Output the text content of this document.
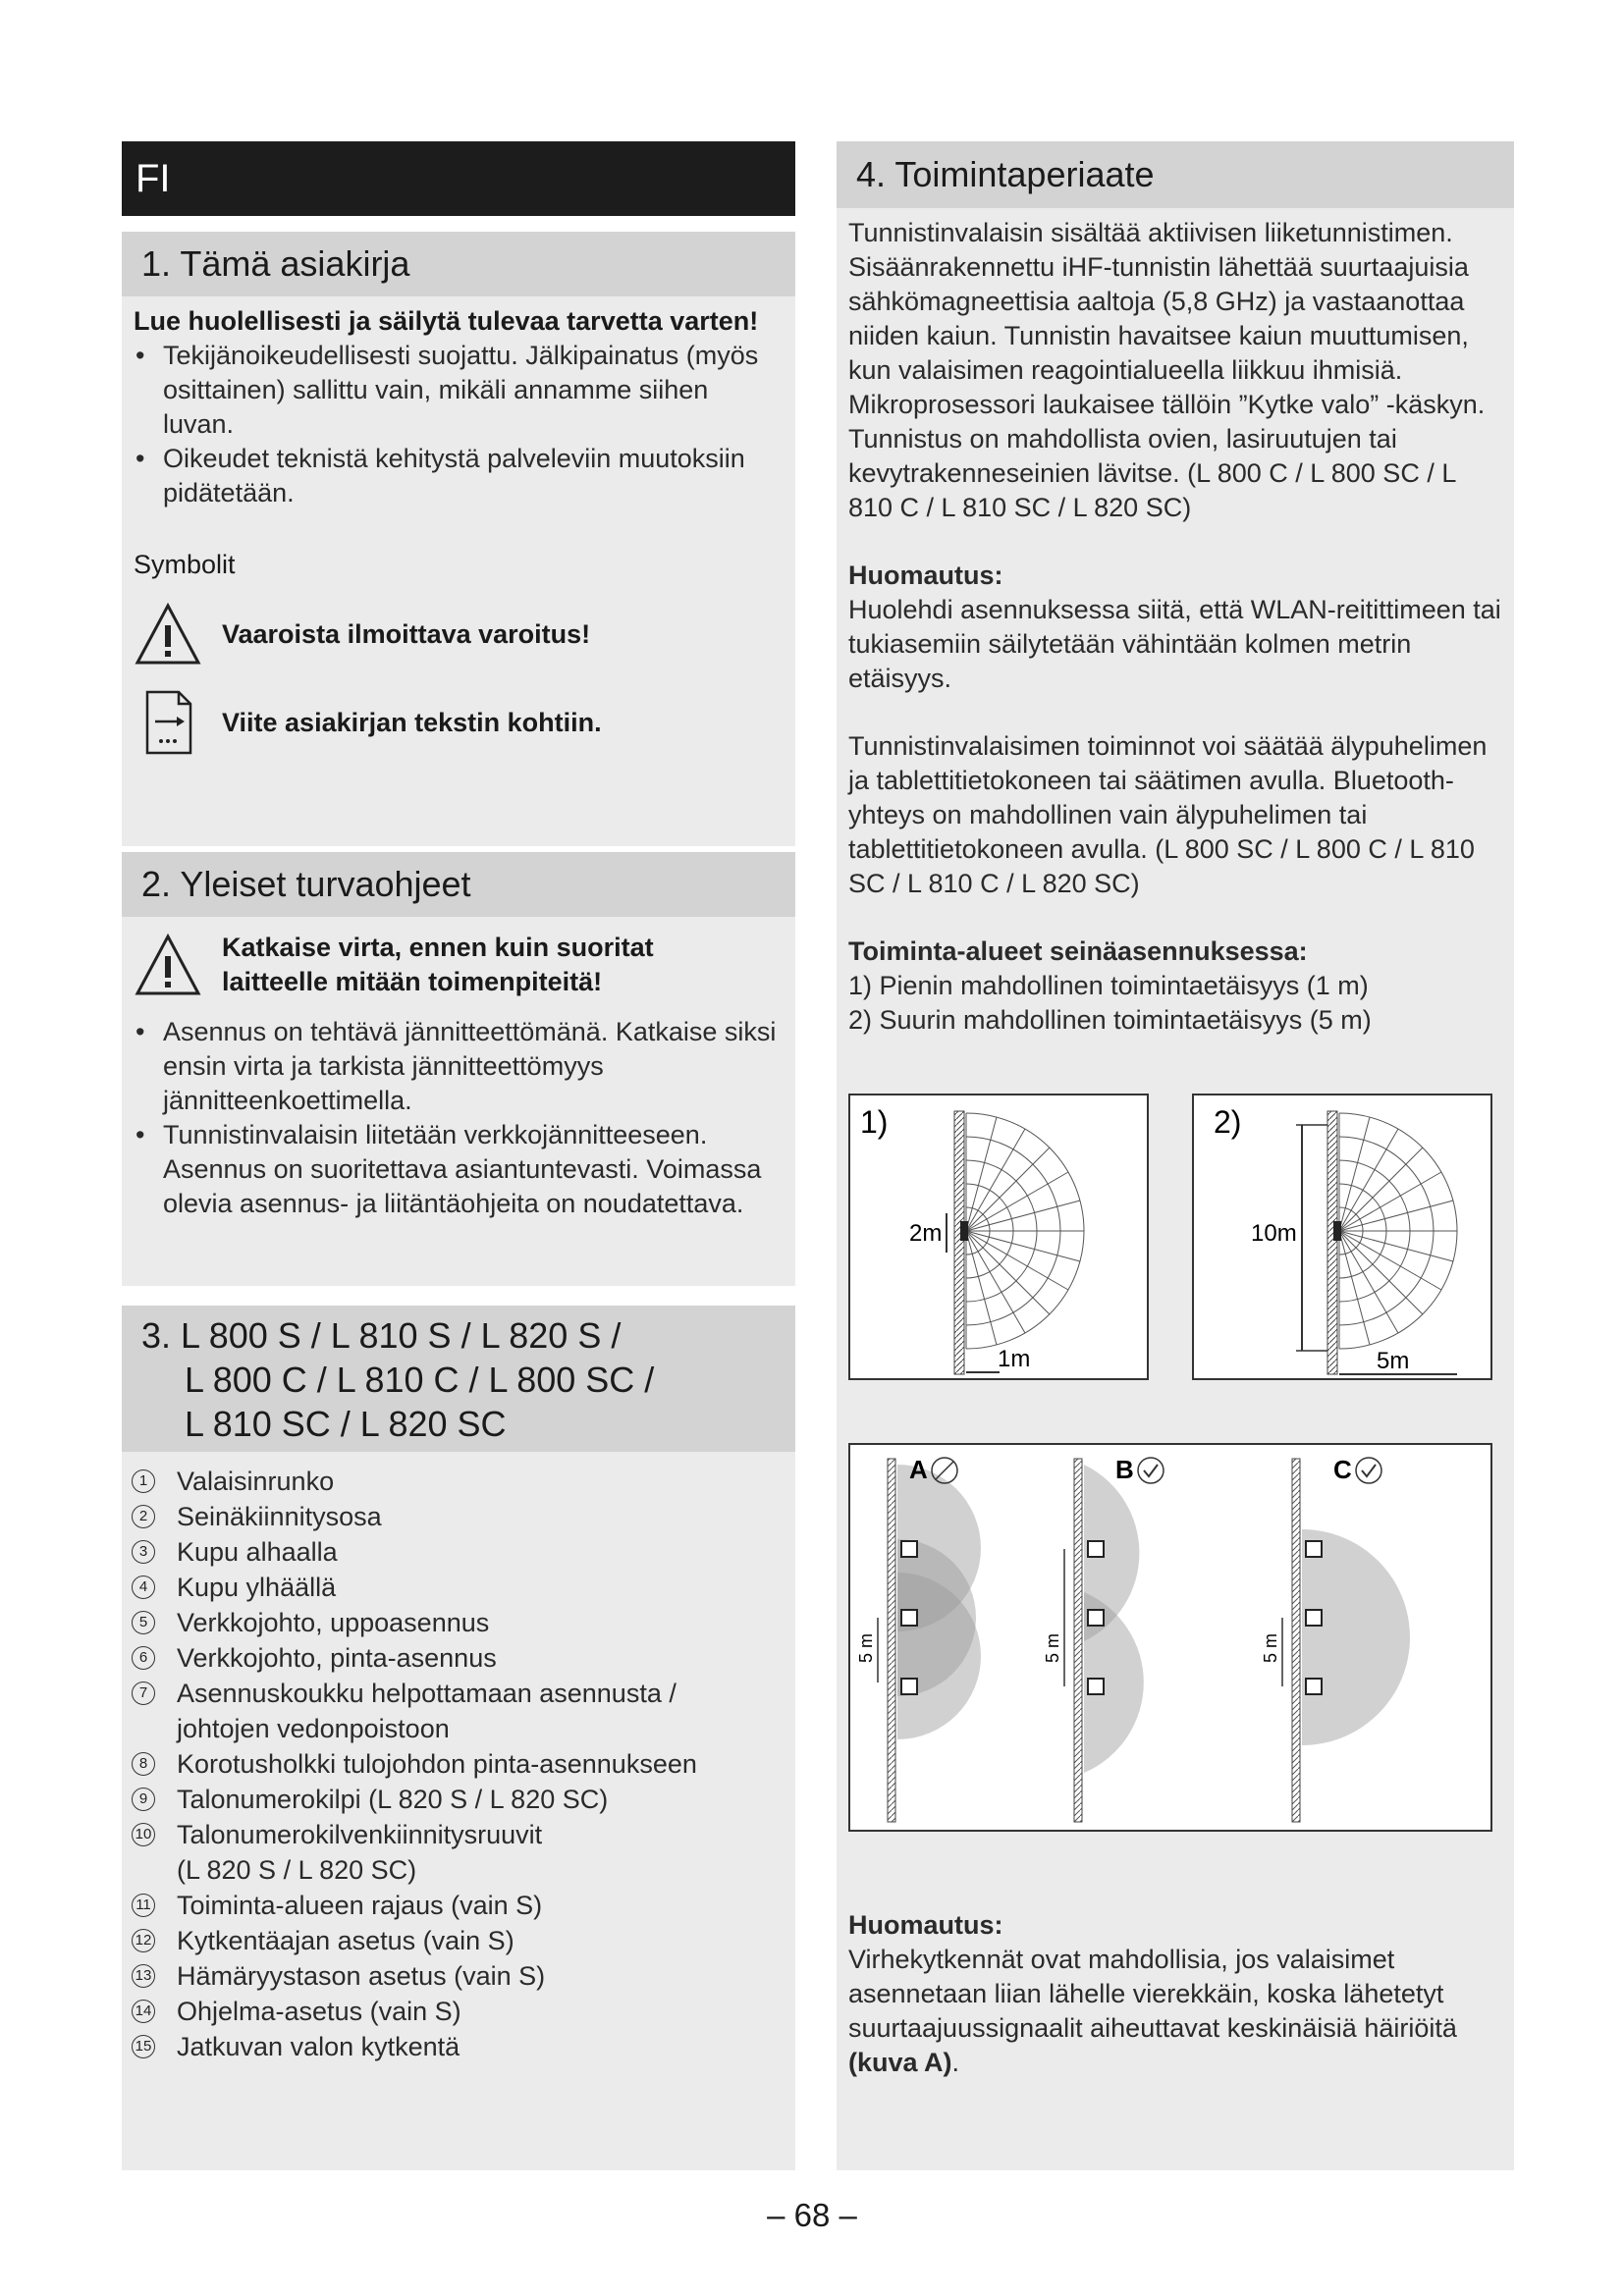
FI
1. Tämä asiakirja
Lue huolellisesti ja säilytä tulevaa tarvetta varten!
• Tekijänoikeudellisesti suojattu. Jälkipainatus (myös osittainen) sallittu vain, mikäli annamme siihen luvan.
• Oikeudet teknistä kehitystä palveleviin muutoksiin pidätetään.
Symbolit
Vaaroista ilmoittava varoitus!
Viite asiakirjan tekstin kohtiin.
2. Yleiset turvaohjeet
Katkaise virta, ennen kuin suoritat laitteelle mitään toimenpiteitä!
• Asennus on tehtävä jännitteettömänä. Katkaise siksi ensin virta ja tarkista jännitteettömyys jännitteenkoettimella.
• Tunnistinvalaisin liitetään verkkojännitteeseen. Asennus on suoritettava asiantuntevasti. Voimassa olevia asennus- ja liitäntäohjeita on noudatettava.
3. L 800 S / L 810 S / L 820 S /
L 800 C / L 810 C / L 800 SC /
L 810 SC / L 820 SC
1 Valaisinrunko
2 Seinäkiinnitysosa
3 Kupu alhaalla
4 Kupu ylhäällä
5 Verkkojohto, uppoasennus
6 Verkkojohto, pinta-asennus
7 Asennuskoukku helpottamaan asennusta / johtojen vedonpoistoon
8 Korotusholkki tulojohdon pinta-asennukseen
9 Talonumerokilpi (L 820 S / L 820 SC)
10 Talonumerokilvenkiinnitysruuvit (L 820 S / L 820 SC)
11 Toiminta-alueen rajaus (vain S)
12 Kytkentäajan asetus (vain S)
13 Hämäryystason asetus (vain S)
14 Ohjelma-asetus (vain S)
15 Jatkuvan valon kytkentä
4. Toimintaperiaate

Tunnistinvalaisin sisältää aktiivisen liiketunnistimen. Sisäänrakennettu iHF-tunnistin lähettää suurtaajuisia sähkömagneettisia aaltoja (5,8 GHz) ja vastaanottaa niiden kaiun. Tunnistin havaitsee kaiun muuttumisen, kun valaisimen reagointialueella liikkuu ihmisiä. Mikroprosessori laukaisee tällöin ”Kytke valo” -käskyn. Tunnistus on mahdollista ovien, lasiruutujen tai kevytrakenneseinien lävitse. (L 800 C / L 800 SC / L 810 C / L 810 SC / L 820 SC)

Huomautus:

Huolehdi asennuksessa siitä, että WLAN-reitittimeen tai tukiasemiin säilytetään vähintään kolmen metrin etäisyys.

Tunnistinvalaisimen toiminnot voi säätää älypuhelimen ja tablettitietokoneen tai säätimen avulla. Bluetooth-yhteys on mahdollinen vain älypuhelimen tai tablettitietokoneen avulla. (L 800 SC / L 800 C / L 810 SC / L 810 C / L 820 SC)

Toiminta-alueet seinäasennuksessa:

1) Pienin mahdollinen toimintaetäisyys (1 m)

2) Suurin mahdollinen toimintaetäisyys (5 m)

1)
2m
1m
2)
10m
5m
A
5 m
B
5 m
C
5 m

Huomautus:

Virhekytkennät ovat mahdollisia, jos valaisimet asennetaan liian lähelle vierekkäin, koska lähetetyt suurtaajuussignaalit aiheuttavat keskinäisiä häiriöitä (kuva A).

– 68 –
